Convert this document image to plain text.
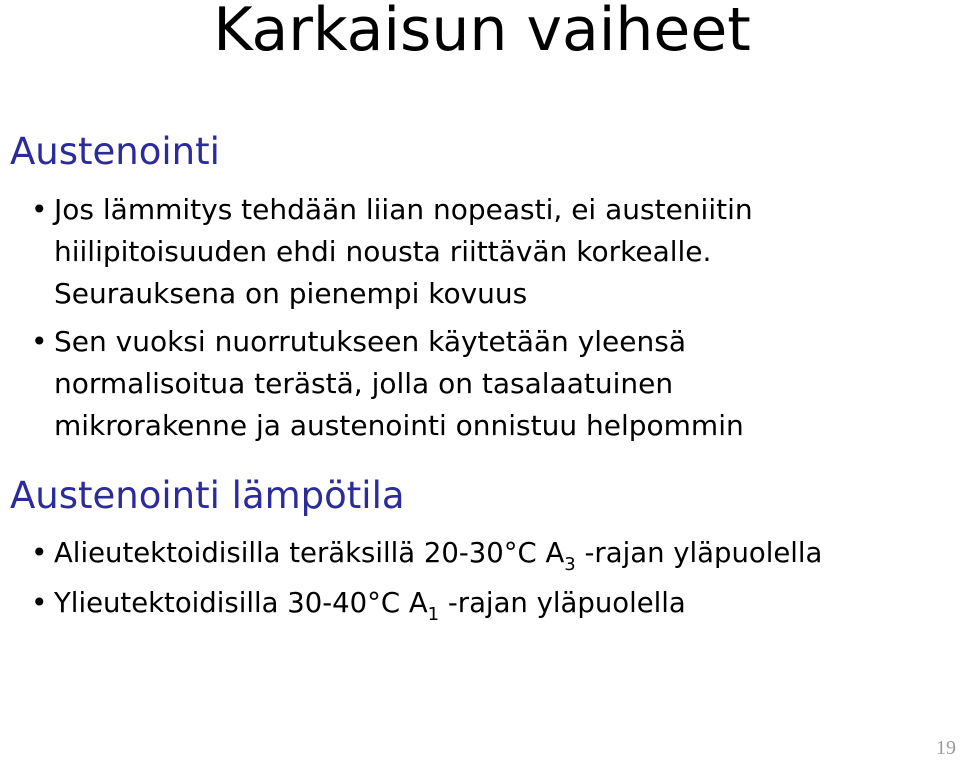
Karkaisun vaiheet
Austenointi
• Jos lämmitys tehdään liian nopeasti, ei austeniitin
hiilipitoisuuden ehdi nousta riittävän korkealle.
Seurauksena on pienempi kovuus
• Sen vuoksi nuorrutukseen käytetään yleensä
normalisoitua terästä, jolla on tasalaatuinen
mikrorakenne ja austenointi onnistuu helpommin
Austenointi lämpötila
• Alieutektoidisilla teräksillä 20-30°C $A_3$ -rajan yläpuolella
• Ylieutektoidisilla 30-40°C $A_1$ -rajan yläpuolella
19
